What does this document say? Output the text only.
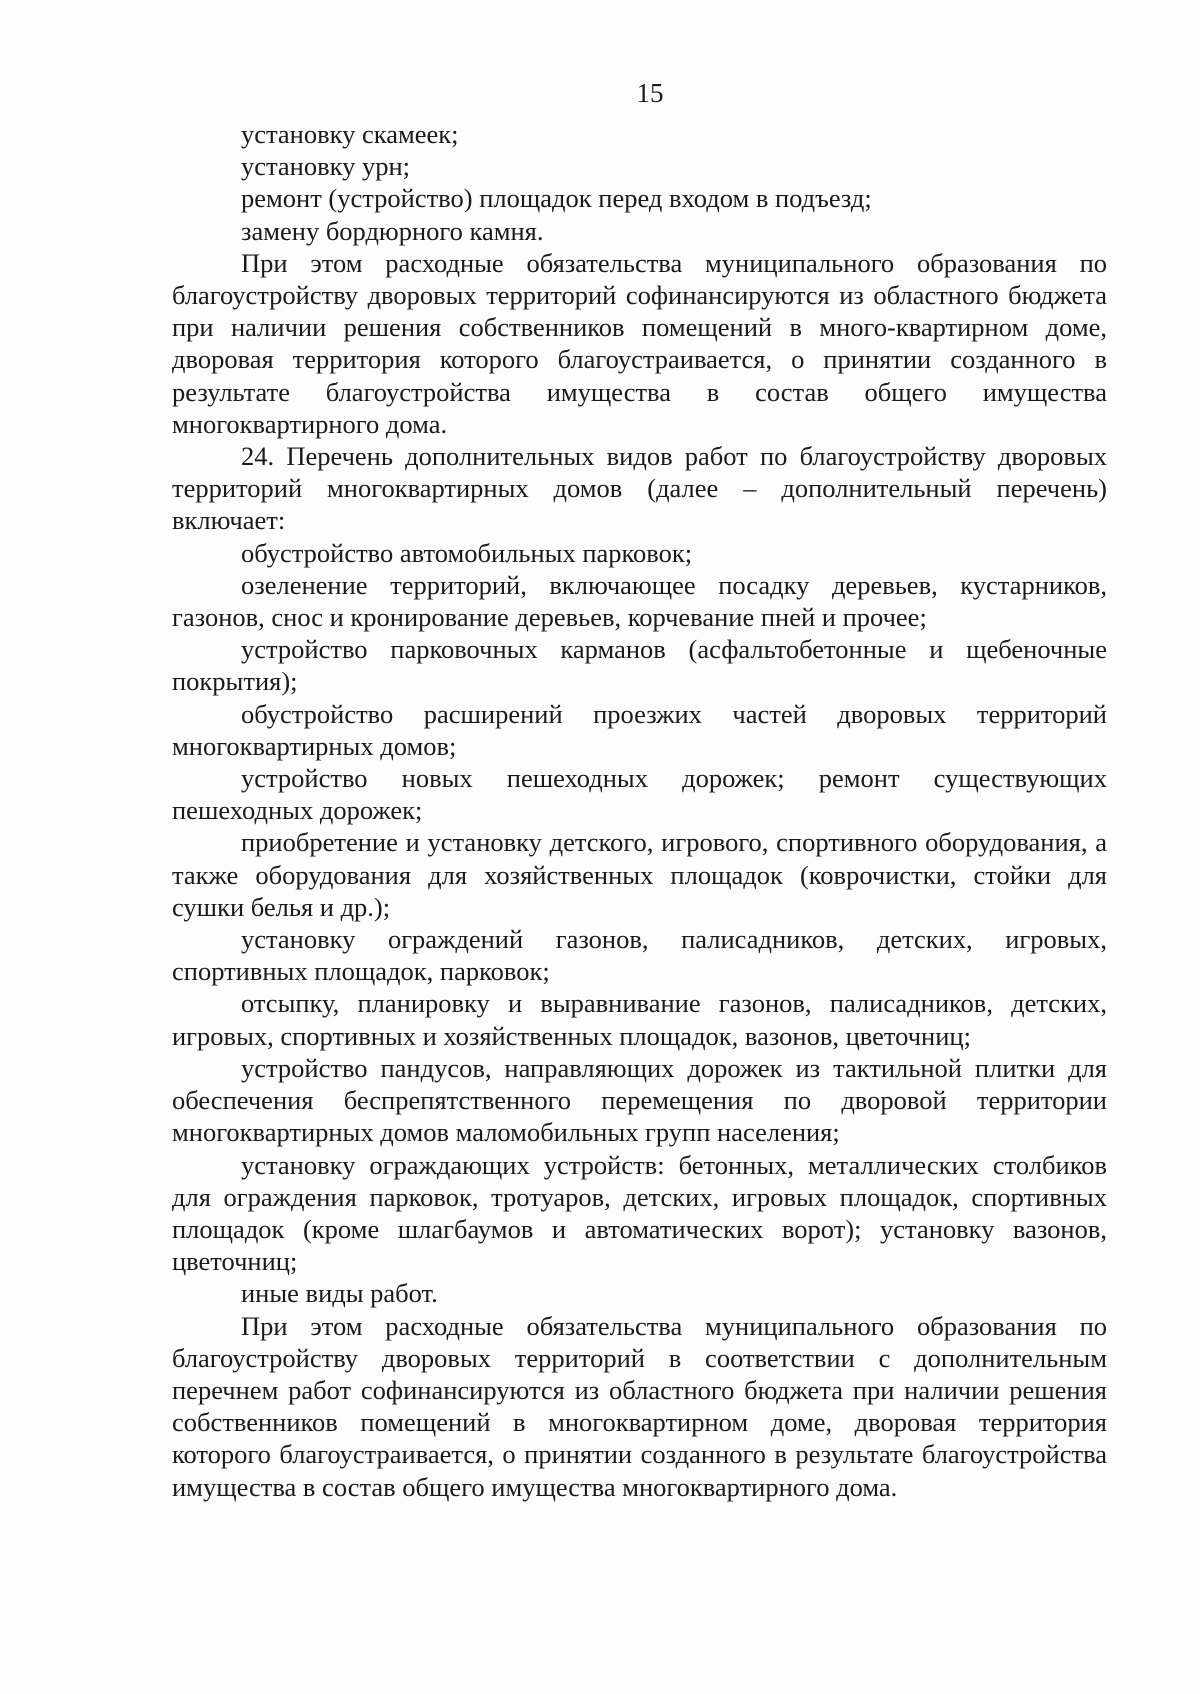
15

установку скамеек;

установку урн;

ремонт (устройство) площадок перед входом в подъезд;

замену бордюрного камня.

При этом расходные обязательства муниципального образования по благоустройству дворовых территорий софинансируются из областного бюджета при наличии решения собственников помещений в много-квартирном доме, дворовая территория которого благоустраивается, о принятии созданного в результате благоустройства имущества в состав общего имущества многоквартирного дома.

24. Перечень дополнительных видов работ по благоустройству дворовых территорий многоквартирных домов (далее – дополнительный перечень) включает:

обустройство автомобильных парковок;

озеленение территорий, включающее посадку деревьев, кустарников, газонов, снос и кронирование деревьев, корчевание пней и прочее;

устройство парковочных карманов (асфальтобетонные и щебеночные покрытия);

обустройство расширений проезжих частей дворовых территорий многоквартирных домов;

устройство новых пешеходных дорожек; ремонт существующих пешеходных дорожек;

приобретение и установку детского, игрового, спортивного оборудования, а также оборудования для хозяйственных площадок (коврочистки, стойки для сушки белья и др.);

установку ограждений газонов, палисадников, детских, игровых, спортивных площадок, парковок;

отсыпку, планировку и выравнивание газонов, палисадников, детских, игровых, спортивных и хозяйственных площадок, вазонов, цветочниц;

устройство пандусов, направляющих дорожек из тактильной плитки для обеспечения беспрепятственного перемещения по дворовой территории многоквартирных домов маломобильных групп населения;

установку ограждающих устройств: бетонных, металлических столбиков для ограждения парковок, тротуаров, детских, игровых площадок, спортивных площадок (кроме шлагбаумов и автоматических ворот); установку вазонов, цветочниц;

иные виды работ.

При этом расходные обязательства муниципального образования по благоустройству дворовых территорий в соответствии с дополнительным перечнем работ софинансируются из областного бюджета при наличии решения собственников помещений в многоквартирном доме, дворовая территория которого благоустраивается, о принятии созданного в результате благоустройства имущества в состав общего имущества многоквартирного дома.
